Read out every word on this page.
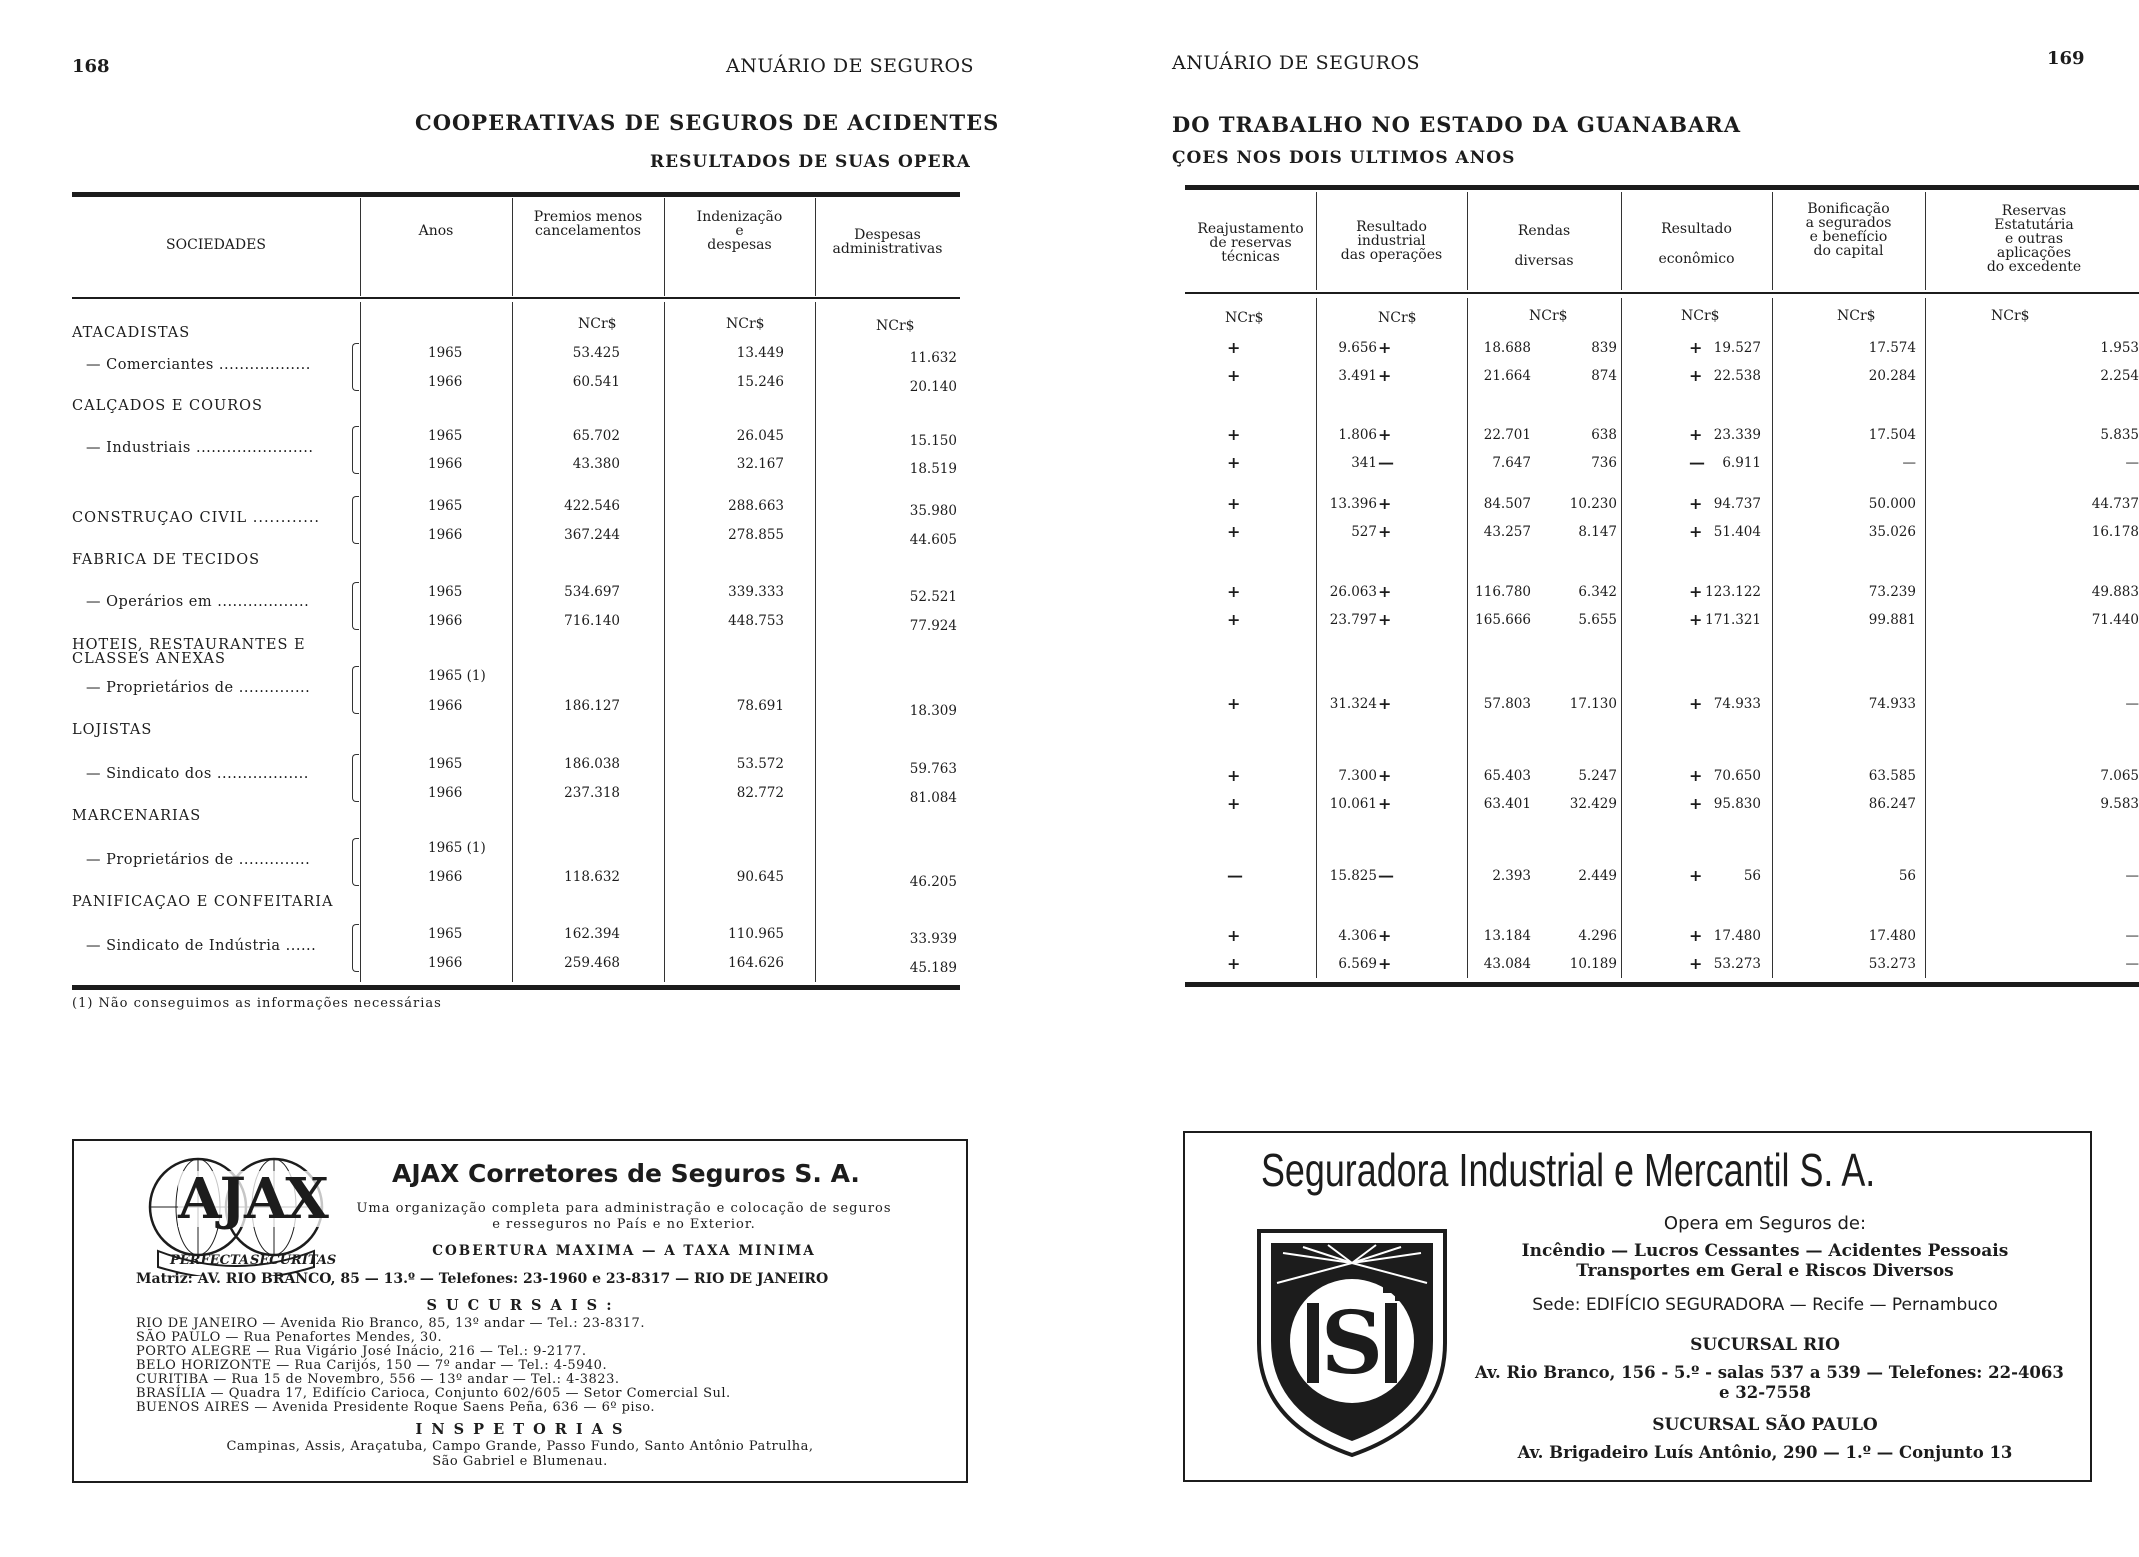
168	ANUÁRIO DE SEGUROS
COOPERATIVAS DE SEGUROS DE ACIDENTES
RESULTADOS DE SUAS OPERA
SOCIEDADES
Anos
Premios menos
cancelamentos
Indenização
e
despesas
Despesas
administrativas
NCr$	NCr$	NCr$
ATACADISTAS
— Comerciantes ..................
1965	53.425	13.449	11.632
1966	60.541	15.246	20.140
CALÇADOS E COUROS
— Industriais .......................
1965	65.702	26.045	15.150
1966	43.380	32.167	18.519
CONSTRUÇAO CIVIL ............
1965	422.546	288.663	35.980
1966	367.244	278.855	44.605
FABRICA DE TECIDOS
— Operários em ..................
1965	534.697	339.333	52.521
1966	716.140	448.753	77.924
HOTEIS, RESTAURANTES E CLASSES ANEXAS
— Proprietários de ..............
1965 (1)
1966	186.127	78.691	18.309
LOJISTAS
— Sindicato dos ..................
1965	186.038	53.572	59.763
1966	237.318	82.772	81.084
MARCENARIAS
— Proprietários de ..............
1965 (1)
1966	118.632	90.645	46.205
PANIFICAÇAO E CONFEITARIA
— Sindicato de Indústria ......
1965	162.394	110.965	33.939
1966	259.468	164.626	45.189
(1) Não conseguimos as informações necessárias
ANUÁRIO DE SEGUROS	169
DO TRABALHO NO ESTADO DA GUANABARA
ÇOES NOS DOIS ULTIMOS ANOS
Reajustamento
de reservas
técnicas
Resultado
industrial
das operações
Rendas
diversas
Resultado
econômico
Bonificação
a segurados
e benefício
do capital
Reservas
Estatutária
e outras
aplicações
do excedente
NCr$	NCr$	NCr$	NCr$	NCr$	NCr$
+	9.656 +	18.688	839	+ 19.527	17.574	1.953
+	3.491 +	21.664	874	+ 22.538	20.284	2.254
+	1.806 +	22.701	638	+ 23.339	17.504	5.835
+	341 —	7.647	736	—	6.911	—	—
+	13.396 +	84.507	10.230	+ 94.737	50.000	44.737
+	527 +	43.257	8.147	+ 51.404	35.026	16.178
+	26.063 +	116.780	6.342	+ 123.122	73.239	49.883
+	23.797 +	165.666	5.655	+ 171.321	99.881	71.440
+	31.324 +	57.803	17.130	+ 74.933	74.933	—
+	7.300 +	65.403	5.247	+ 70.650	63.585	7.065
+	10.061 +	63.401	32.429	+ 95.830	86.247	9.583
—	15.825 —	2.393	2.449	+	56	56	—
+	4.306 +	13.184	4.296	+ 17.480	17.480	—
+	6.569 +	43.084	10.189	+ 53.273	53.273	—
AJAX
PERFECTA SECURITAS
AJAX Corretores de Seguros S. A.
Uma organização completa para administração e colocação de seguros
e resseguros no País e no Exterior.
COBERTURA MAXIMA — A TAXA MINIMA
Matriz: AV. RIO BRANCO, 85 — 13.º — Telefones: 23-1960 e 23-8317 — RIO DE JANEIRO
S U C U R S A I S :
RIO DE JANEIRO — Avenida Rio Branco, 85, 13º andar — Tel.: 23-8317.
SÃO PAULO — Rua Penafortes Mendes, 30.
PORTO ALEGRE — Rua Vigário José Inácio, 216 — Tel.: 9-2177.
BELO HORIZONTE — Rua Carijós, 150 — 7º andar — Tel.: 4-5940.
CURITIBA — Rua 15 de Novembro, 556 — 13º andar — Tel.: 4-3823.
BRASÍLIA — Quadra 17, Edifício Carioca, Conjunto 602/605 — Setor Comercial Sul.
BUENOS AIRES — Avenida Presidente Roque Saens Peña, 636 — 6º piso.
I N S P E T O R I A S
Campinas, Assis, Araçatuba, Campo Grande, Passo Fundo, Santo Antônio Patrulha,
São Gabriel e Blumenau.
Seguradora Industrial e Mercantil S. A.
S
Opera em Seguros de:
Incêndio — Lucros Cessantes — Acidentes Pessoais
Transportes em Geral e Riscos Diversos
Sede: EDIFÍCIO SEGURADORA — Recife — Pernambuco
SUCURSAL RIO
Av. Rio Branco, 156 - 5.º - salas 537 a 539 — Telefones: 22-4063
e 32-7558
SUCURSAL SÃO PAULO
Av. Brigadeiro Luís Antônio, 290 — 1.º — Conjunto 13
